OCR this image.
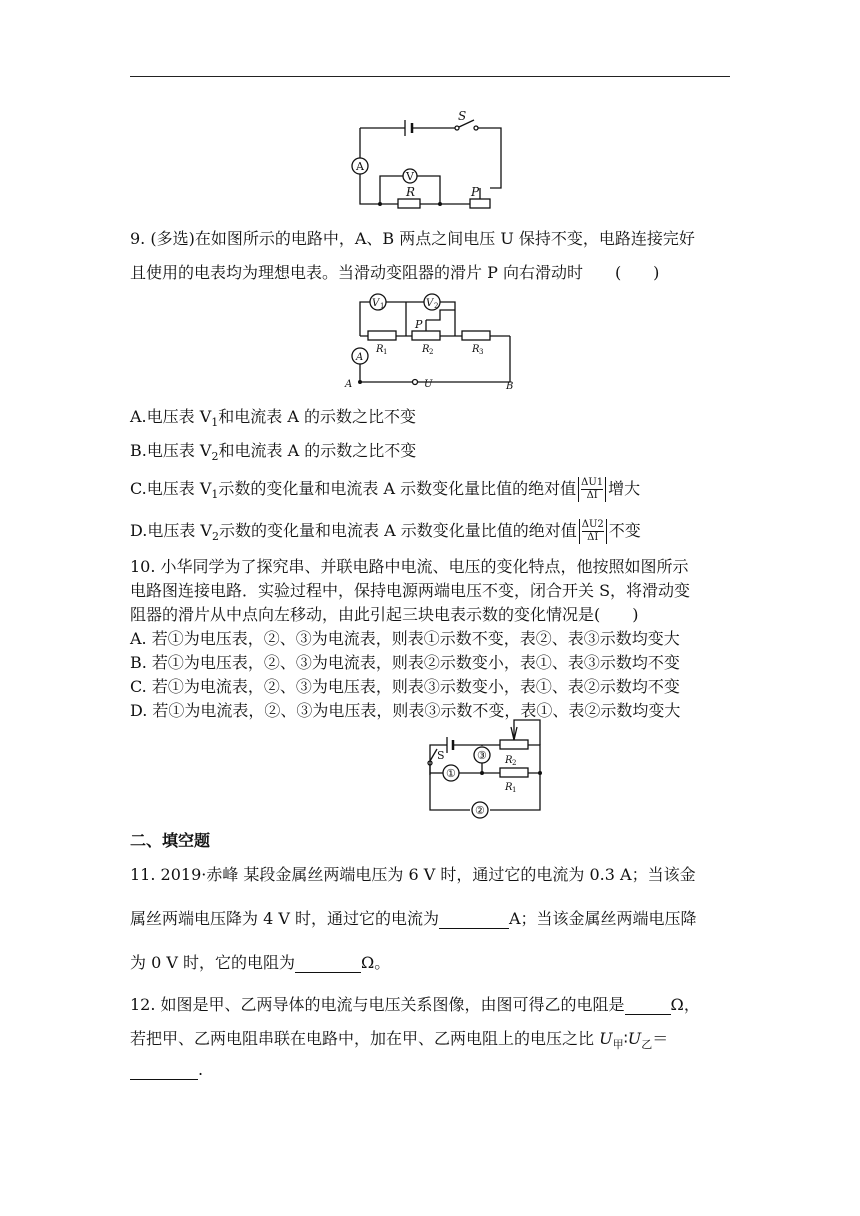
S
A
V
R	P
9. (多选)在如图所示的电路中，A、B 两点之间电压 U 保持不变，电路连接完好
且使用的电表均为理想电表。当滑动变阻器的滑片 P 向右滑动时　　(　　)
V 1	V 2
P
R 1	R 2	R 3
A
A	U	B
A.电压表 $V_1$和电流表 A 的示数之比不变
B.电压表 $V_2$和电流表 A 的示数之比不变
C.电压表 $V_1$示数的变化量和电流表 A 示数变化量比值的绝对值 $\frac{\Delta U1}{\Delta I}$ 增大
D.电压表 $V_2$示数的变化量和电流表 A 示数变化量比值的绝对值 $\frac{\Delta U2}{\Delta I}$ 不变
10. 小华同学为了探究串、并联电路中电流、电压的变化特点，他按照如图所示
电路图连接电路．实验过程中，保持电源两端电压不变，闭合开关 S，将滑动变
阻器的滑片从中点向左移动，由此引起三块电表示数的变化情况是(　　)
A. 若①为电压表，②、③为电流表，则表①示数不变，表②、表③示数均变大
B. 若①为电压表，②、③为电流表，则表②示数变小，表①、表③示数均不变
C. 若①为电流表，②、③为电压表，则表③示数变小，表①、表②示数均不变
D. 若①为电流表，②、③为电压表，则表③示数不变，表①、表②示数均变大
R 2
③
S
①
②
R 1
二、填空题
11. 2019·赤峰 某段金属丝两端电压为 6 V 时，通过它的电流为 0.3 A；当该金
属丝两端电压降为 4 V 时，通过它的电流为	A；当该金属丝两端电压降
为 0 V 时，它的电阻为	Ω。
12. 如图是甲、乙两导体的电流与电压关系图像，由图可得乙的电阻是	Ω，
若把甲、乙两电阻串联在电路中，加在甲、乙两电阻上的电压之比 $U_甲∶U_乙=$
.
